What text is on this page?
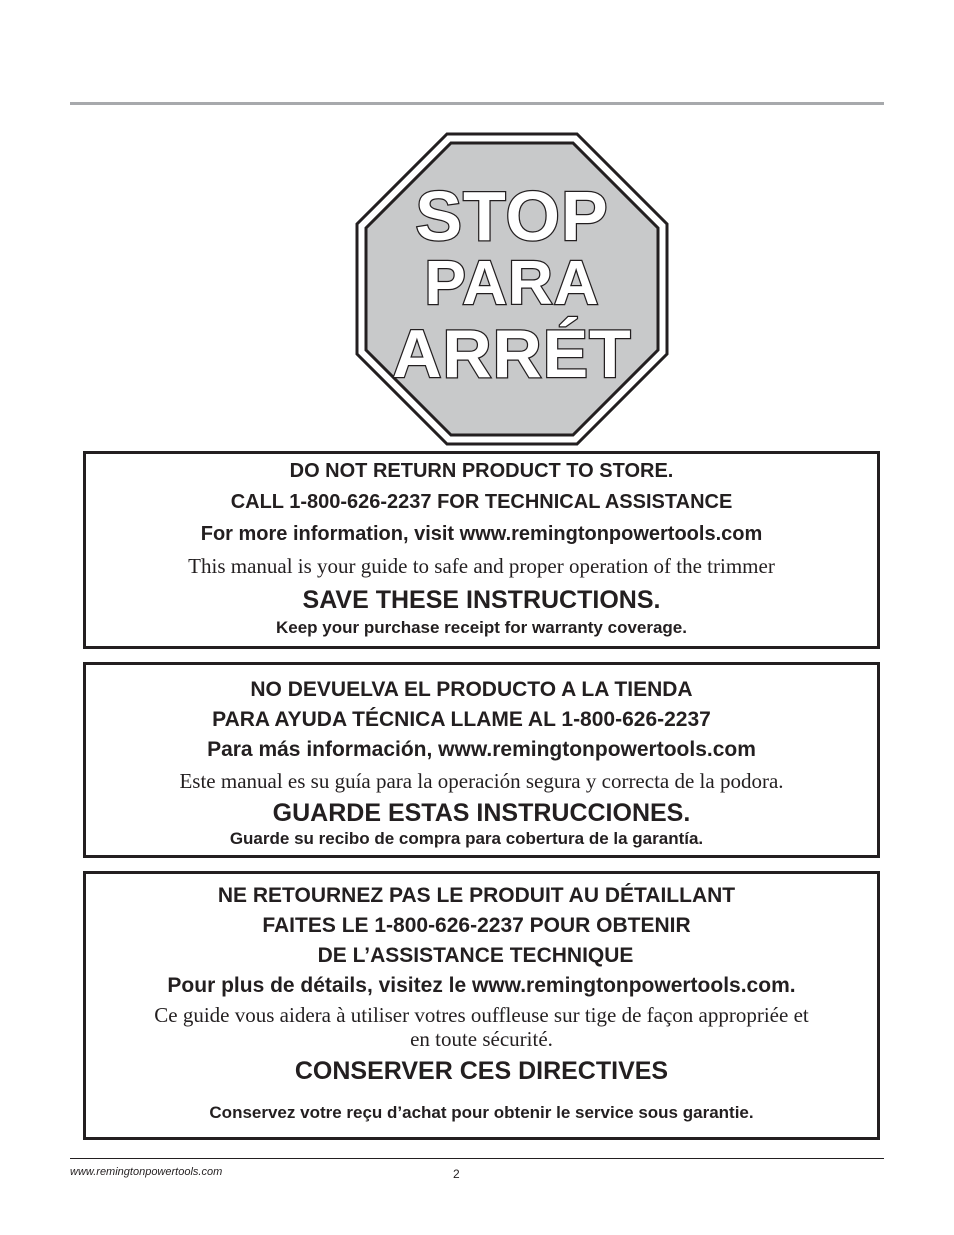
STOP
PARA
ARRÉT
DO NOT RETURN PRODUCT TO STORE.
CALL 1-800-626-2237 FOR TECHNICAL ASSISTANCE
For more information, visit www.remingtonpowertools.com
This manual is your guide to safe and proper operation of the trimmer
SAVE THESE INSTRUCTIONS.
Keep your purchase receipt for warranty coverage.
NO DEVUELVA EL PRODUCTO A LA TIENDA
PARA AYUDA TÉCNICA LLAME AL 1-800-626-2237
Para más información, www.remingtonpowertools.com
Este manual es su guía para la operación segura y correcta de la podora.
GUARDE ESTAS INSTRUCCIONES.
Guarde su recibo de compra para cobertura de la garantía.
NE RETOURNEZ PAS LE PRODUIT AU DÉTAILLANT
FAITES LE 1-800-626-2237 POUR OBTENIR
DE L’ASSISTANCE TECHNIQUE
Pour plus de détails, visitez le www.remingtonpowertools.com.
Ce guide vous aidera à utiliser votres ouffleuse sur tige de façon appropriée et
en toute sécurité.
CONSERVER CES DIRECTIVES
Conservez votre reçu d’achat pour obtenir le service sous garantie.
www.remingtonpowertools.com	2
